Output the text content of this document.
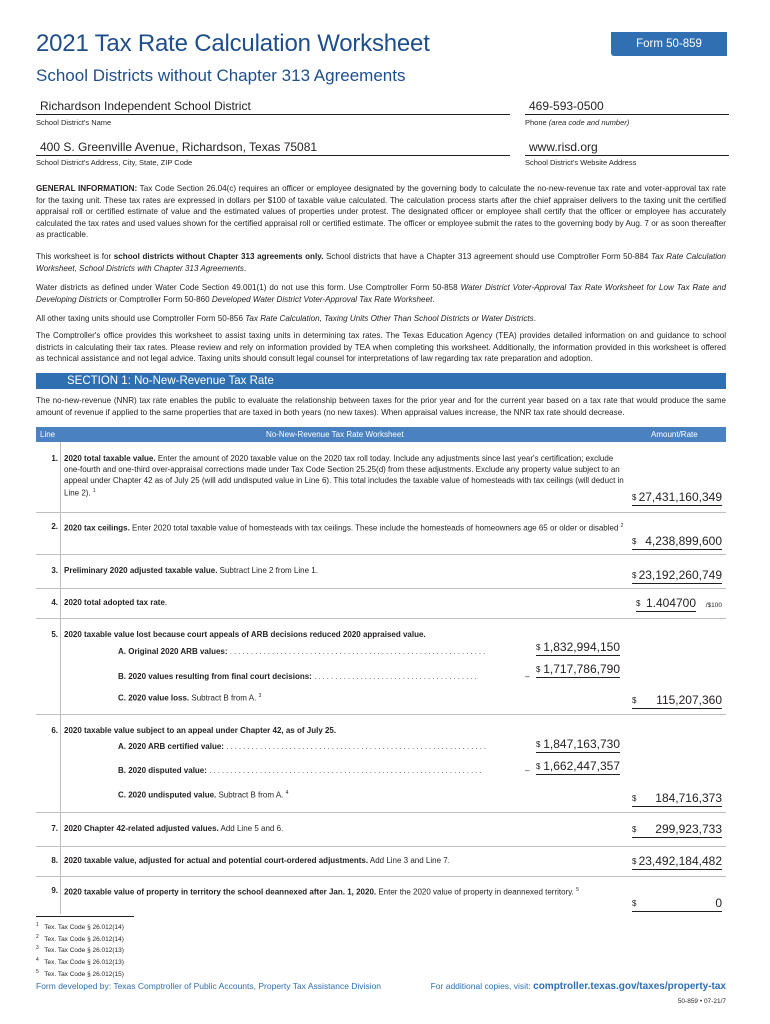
2021 Tax Rate Calculation Worksheet	Form 50-859
School Districts without Chapter 313 Agreements
Richardson Independent School District
School District's Name
469-593-0500
Phone (area code and number)
400 S. Greenville Avenue, Richardson, Texas 75081
School District's Address, City, State, ZIP Code
www.risd.org
School District's Website Address
GENERAL INFORMATION: Tax Code Section 26.04(c) requires an officer or employee designated by the governing body to calculate the no-new-revenue tax rate and voter-approval tax rate for the taxing unit. These tax rates are expressed in dollars per $100 of taxable value calculated. The calculation process starts after the chief appraiser delivers to the taxing unit the certified appraisal roll or certified estimate of value and the estimated values of properties under protest. The designated officer or employee shall certify that the officer or employee has accurately calculated the tax rates and used values shown for the certified appraisal roll or certified estimate. The officer or employee submit the rates to the governing body by Aug. 7 or as soon thereafter as practicable.
This worksheet is for school districts without Chapter 313 agreements only. School districts that have a Chapter 313 agreement should use Comptroller Form 50-884 Tax Rate Calculation Worksheet, School Districts with Chapter 313 Agreements.
Water districts as defined under Water Code Section 49.001(1) do not use this form. Use Comptroller Form 50-858 Water District Voter-Approval Tax Rate Worksheet for Low Tax Rate and Developing Districts or Comptroller Form 50-860 Developed Water District Voter-Approval Tax Rate Worksheet.
All other taxing units should use Comptroller Form 50-856 Tax Rate Calculation, Taxing Units Other Than School Districts or Water Districts.
The Comptroller's office provides this worksheet to assist taxing units in determining tax rates. The Texas Education Agency (TEA) provides detailed information on and guidance to school districts in calculating their tax rates. Please review and rely on information provided by TEA when completing this worksheet. Additionally, the information provided in this worksheet is offered as technical assistance and not legal advice. Taxing units should consult legal counsel for interpretations of law regarding tax rate preparation and adoption.
SECTION 1: No-New-Revenue Tax Rate
The no-new-revenue (NNR) tax rate enables the public to evaluate the relationship between taxes for the prior year and for the current year based on a tax rate that would produce the same amount of revenue if applied to the same properties that are taxed in both years (no new taxes). When appraisal values increase, the NNR tax rate should decrease.
Line	No-New-Revenue Tax Rate Worksheet	Amount/Rate
1. 2020 total taxable value. Enter the amount of 2020 taxable value on the 2020 tax roll today. Include any adjustments since last year's certification; exclude one-fourth and one-third over-appraisal corrections made under Tax Code Section 25.25(d) from these adjustments. Exclude any property value subject to an appeal under Chapter 42 as of July 25 (will add undisputed value in Line 6). This total includes the taxable value of homesteads with tax ceilings (will deduct in Line 2). $^1$
$ 27,431,160,349
2. 2020 tax ceilings. Enter 2020 total taxable value of homesteads with tax ceilings. These include the homesteads of homeowners age 65 or older or disabled $^2$
$ 4,238,899,600
3. Preliminary 2020 adjusted taxable value. Subtract Line 2 from Line 1.
$ 23,192,260,749
4. 2020 total adopted tax rate.	$ 1.404700 /$100
5. 2020 taxable value lost because court appeals of ARB decisions reduced 2020 appraised value.
A. Original 2020 ARB values: .............................................................	$ 1,832,994,150
B. 2020 values resulting from final court decisions: .......................................	–
$ 1,717,786,790
C. 2020 value loss. Subtract B from A. $^3$	$ 115,207,360
6. 2020 taxable value subject to an appeal under Chapter 42, as of July 25.
A. 2020 ARB certified value: ..............................................................	$ 1,847,163,730
B. 2020 disputed value: .................................................................	– $ 1,662,447,357
C. 2020 undisputed value. Subtract B from A. $^4$
$ 184,716,373
7. 2020 Chapter 42-related adjusted values. Add Line 5 and 6.	$ 299,923,733
8. 2020 taxable value, adjusted for actual and potential court-ordered adjustments. Add Line 3 and Line 7.	$ 23,492,184,482
9. 2020 taxable value of property in territory the school deannexed after Jan. 1, 2020. Enter the 2020 value of property in deannexed territory. $^5$
$	0
$^1$ Tex. Tax Code § 26.012(14)
$^2$ Tex. Tax Code § 26.012(14)
$^3$ Tex. Tax Code § 26.012(13)
$^4$ Tex. Tax Code § 26.012(13)
$^5$ Tex. Tax Code § 26.012(15)
Form developed by: Texas Comptroller of Public Accounts, Property Tax Assistance Division	For additional copies, visit: comptroller.texas.gov/taxes/property-tax
50-859 • 07-21/7
